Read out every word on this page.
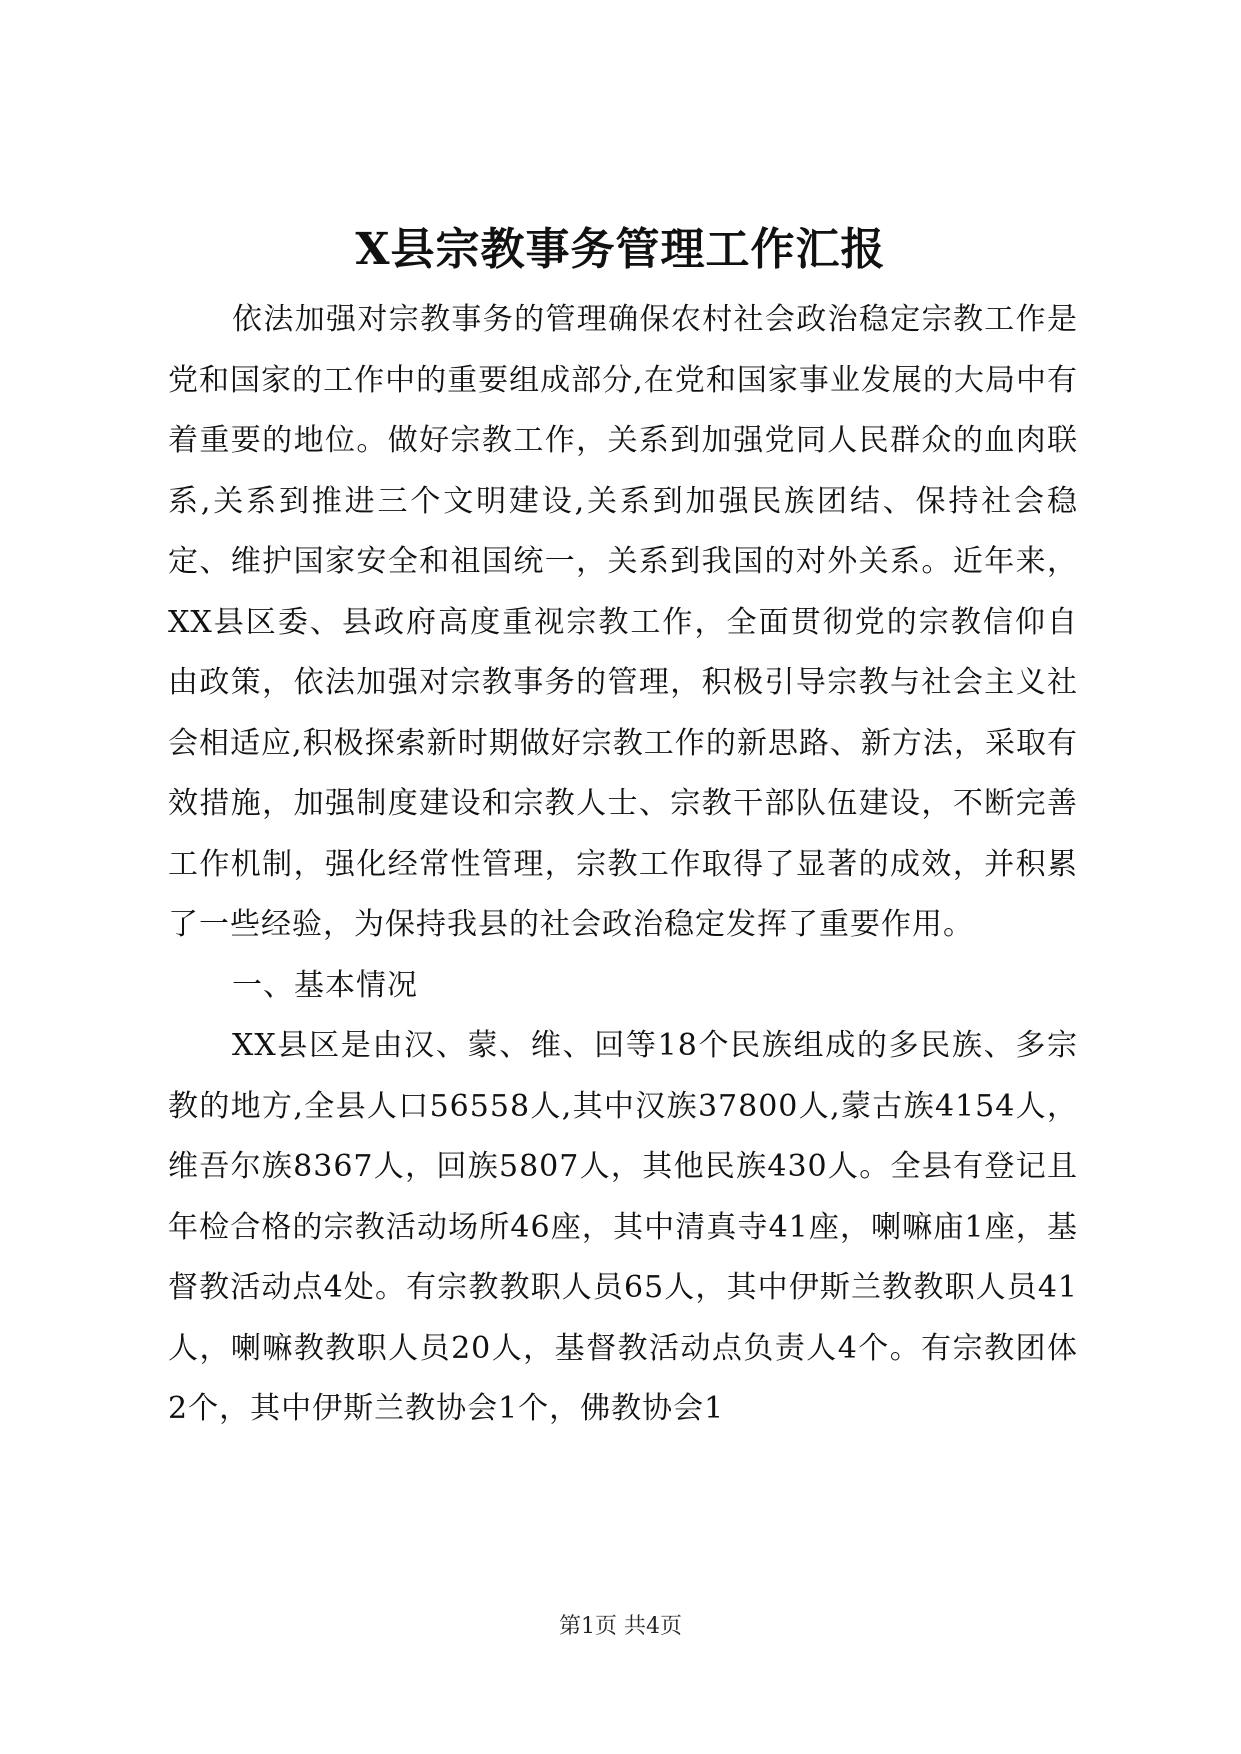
X县宗教事务管理工作汇报

依法加强对宗教事务的管理确保农村社会政治稳定宗教工作是党和国家的工作中的重要组成部分,在党和国家事业发展的大局中有着重要的地位。做好宗教工作，关系到加强党同人民群众的血肉联系,关系到推进三个文明建设,关系到加强民族团结、保持社会稳定、维护国家安全和祖国统一，关系到我国的对外关系。近年来，XX县区委、县政府高度重视宗教工作，全面贯彻党的宗教信仰自由政策，依法加强对宗教事务的管理，积极引导宗教与社会主义社会相适应,积极探索新时期做好宗教工作的新思路、新方法，采取有效措施，加强制度建设和宗教人士、宗教干部队伍建设，不断完善工作机制，强化经常性管理，宗教工作取得了显著的成效，并积累了一些经验，为保持我县的社会政治稳定发挥了重要作用。

一、基本情况

XX县区是由汉、蒙、维、回等18个民族组成的多民族、多宗教的地方,全县人口56558人,其中汉族37800人,蒙古族4154人，维吾尔族8367人，回族5807人，其他民族430人。全县有登记且年检合格的宗教活动场所46座，其中清真寺41座，喇嘛庙1座，基督教活动点4处。有宗教教职人员65人，其中伊斯兰教教职人员41人，喇嘛教教职人员20人，基督教活动点负责人4个。有宗教团体2个，其中伊斯兰教协会1个，佛教协会1

第1页 共4页
